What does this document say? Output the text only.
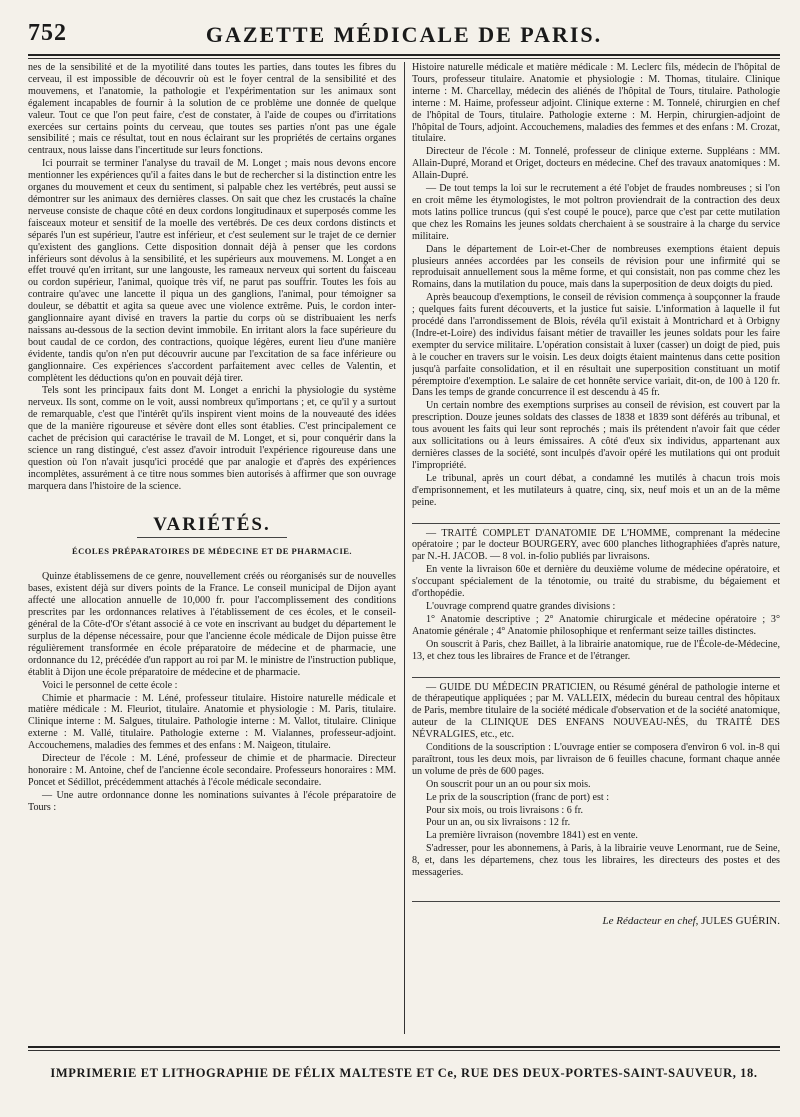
752	GAZETTE MÉDICALE DE PARIS.

nes de la sensibilité et de la myotilité dans toutes les parties, dans toutes les fibres du cerveau, il est impossible de découvrir où est le foyer central de la sensibilité et des mouvemens, et l'anatomie, la pathologie et l'expérimentation sur les animaux sont également incapables de fournir à la solution de ce problème une donnée de quelque valeur. Tout ce que l'on peut faire, c'est de constater, à l'aide de coupes ou d'irritations exercées sur certains points du cerveau, que toutes ses parties n'ont pas une égale sensibilité ; mais ce résultat, tout en nous éclairant sur les propriétés de certains organes centraux, nous laisse dans l'incertitude sur leurs fonctions.

Ici pourrait se terminer l'analyse du travail de M. Longet ; mais nous devons encore mentionner les expériences qu'il a faites dans le but de rechercher si la distinction entre les organes du mouvement et ceux du sentiment, si palpable chez les vertébrés, peut aussi se démontrer sur les animaux des dernières classes. On sait que chez les crustacés la chaîne nerveuse consiste de chaque côté en deux cordons longitudinaux et superposés comme les faisceaux moteur et sensitif de la moelle des vertébrés. De ces deux cordons distincts et séparés l'un est supérieur, l'autre est inférieur, et c'est seulement sur le trajet de ce dernier qu'existent des ganglions. Cette disposition donnait déjà à penser que les cordons inférieurs sont dévolus à la sensibilité, et les supérieurs aux mouvemens. M. Longet a en effet trouvé qu'en irritant, sur une langouste, les rameaux nerveux qui sortent du faisceau ou cordon supérieur, l'animal, quoique très vif, ne parut pas souffrir. Toutes les fois au contraire qu'avec une lancette il piqua un des ganglions, l'animal, pour témoigner sa douleur, se débattit et agita sa queue avec une violence extrême. Puis, le cordon inter-ganglionnaire ayant divisé en travers la partie du corps où se distribuaient les nerfs naissans au-dessous de la section devint immobile. En irritant alors la face supérieure du bout caudal de ce cordon, des contractions, quoique légères, eurent lieu d'une manière évidente, tandis qu'on n'en put découvrir aucune par l'excitation de sa face inférieure ou ganglionnaire. Ces expériences s'accordent parfaitement avec celles de Valentin, et complètent les déductions qu'on en pouvait déjà tirer.

Tels sont les principaux faits dont M. Longet a enrichi la physiologie du système nerveux. Ils sont, comme on le voit, aussi nombreux qu'importans ; et, ce qu'il y a surtout de remarquable, c'est que l'intérêt qu'ils inspirent vient moins de la nouveauté des idées que de la manière rigoureuse et sévère dont elles sont établies. C'est principalement ce cachet de précision qui caractérise le travail de M. Longet, et si, pour conquérir dans la science un rang distingué, c'est assez d'avoir introduit l'expérience rigoureuse dans une question où l'on n'avait jusqu'ici procédé que par analogie et d'après des expériences incomplètes, assurément à ce titre nous sommes bien autorisés à affirmer que son ouvrage marquera dans l'histoire de la science.

VARIÉTÉS.
ÉCOLES PRÉPARATOIRES DE MÉDECINE ET DE PHARMACIE.

Quinze établissemens de ce genre, nouvellement créés ou réorganisés sur de nouvelles bases, existent déjà sur divers points de la France. Le conseil municipal de Dijon ayant affecté une allocation annuelle de 10,000 fr. pour l'accomplissement des conditions prescrites par les ordonnances relatives à l'établissement de ces écoles, et le conseil-général de la Côte-d'Or s'étant associé à ce vote en inscrivant au budget du département le surplus de la dépense nécessaire, pour que l'ancienne école médicale de Dijon puisse être régulièrement transformée en école préparatoire de médecine et de pharmacie, une ordonnance du 12, précédée d'un rapport au roi par M. le ministre de l'instruction publique, établit à Dijon une école préparatoire de médecine et de pharmacie.

Voici le personnel de cette école :

Chimie et pharmacie : M. Léné, professeur titulaire. Histoire naturelle médicale et matière médicale : M. Fleuriot, titulaire. Anatomie et physiologie : M. Paris, titulaire. Clinique interne : M. Salgues, titulaire. Pathologie interne : M. Vallot, titulaire. Clinique externe : M. Vallé, titulaire. Pathologie externe : M. Vialannes, professeur-adjoint. Accouchemens, maladies des femmes et des enfans : M. Naigeon, titulaire.

Directeur de l'école : M. Léné, professeur de chimie et de pharmacie. Directeur honoraire : M. Antoine, chef de l'ancienne école secondaire. Professeurs honoraires : MM. Poncet et Sédillot, précédemment attachés à l'école médicale secondaire.

— Une autre ordonnance donne les nominations suivantes à l'école préparatoire de Tours :

Histoire naturelle médicale et matière médicale : M. Leclerc fils, médecin de l'hôpital de Tours, professeur titulaire. Anatomie et physiologie : M. Thomas, titulaire. Clinique interne : M. Charcellay, médecin des aliénés de l'hôpital de Tours, titulaire. Pathologie interne : M. Haime, professeur adjoint. Clinique externe : M. Tonnelé, chirurgien en chef de l'hôpital de Tours, titulaire. Pathologie externe : M. Herpin, chirurgien-adjoint de l'hôpital de Tours, adjoint. Accouchemens, maladies des femmes et des enfans : M. Crozat, titulaire.

Directeur de l'école : M. Tonnelé, professeur de clinique externe. Suppléans : MM. Allain-Dupré, Morand et Origet, docteurs en médecine. Chef des travaux anatomiques : M. Allain-Dupré.

— De tout temps la loi sur le recrutement a été l'objet de fraudes nombreuses ; si l'on en croit même les étymologistes, le mot poltron proviendrait de la contraction des deux mots latins pollice truncus (qui s'est coupé le pouce), parce que c'est par cette mutilation que chez les Romains les jeunes soldats cherchaient à se soustraire à la charge du service militaire.

Dans le département de Loir-et-Cher de nombreuses exemptions étaient depuis plusieurs années accordées par les conseils de révision pour une infirmité qui se reproduisait annuellement sous la même forme, et qui consistait, non pas comme chez les Romains, dans la mutilation du pouce, mais dans la superposition de deux doigts du pied.

Après beaucoup d'exemptions, le conseil de révision commença à soupçonner la fraude ; quelques faits furent découverts, et la justice fut saisie. L'information à laquelle il fut procédé dans l'arrondissement de Blois, révéla qu'il existait à Montrichard et à Orbigny (Indre-et-Loire) des individus faisant métier de travailler les jeunes soldats pour les faire exempter du service militaire. L'opération consistait à luxer (casser) un doigt de pied, puis à le coucher en travers sur le voisin. Les deux doigts étaient maintenus dans cette position jusqu'à parfaite consolidation, et il en résultait une superposition constituant un motif péremptoire d'exemption. Le salaire de cet honnête service variait, dit-on, de 100 à 120 fr. Dans les temps de grande concurrence il est descendu à 45 fr.

Un certain nombre des exemptions surprises au conseil de révision, est couvert par la prescription. Douze jeunes soldats des classes de 1838 et 1839 sont déférés au tribunal, et tous avouent les faits qui leur sont reprochés ; mais ils prétendent n'avoir fait que céder aux sollicitations ou à leurs émissaires. A côté d'eux six individus, appartenant aux dernières classes de la société, sont inculpés d'avoir opéré les mutilations qui ont produit l'impropriété.

Le tribunal, après un court débat, a condamné les mutilés à chacun trois mois d'emprisonnement, et les mutilateurs à quatre, cinq, six, neuf mois et un an de la même peine.

— TRAITÉ COMPLET D'ANATOMIE DE L'HOMME, comprenant la médecine opératoire ; par le docteur BOURGERY, avec 600 planches lithographiées d'après nature, par N.-H. JACOB. — 8 vol. in-folio publiés par livraisons.

En vente la livraison 60e et dernière du deuxième volume de médecine opératoire, et s'occupant spécialement de la ténotomie, ou traité du strabisme, du bégaiement et d'orthopédie.

L'ouvrage comprend quatre grandes divisions :

1° Anatomie descriptive ; 2° Anatomie chirurgicale et médecine opératoire ; 3° Anatomie générale ; 4° Anatomie philosophique et renfermant seize tailles distinctes.

On souscrit à Paris, chez Baillet, à la librairie anatomique, rue de l'École-de-Médecine, 13, et chez tous les libraires de France et de l'étranger.

— GUIDE DU MÉDECIN PRATICIEN, ou Résumé général de pathologie interne et de thérapeutique appliquées ; par M. VALLEIX, médecin du bureau central des hôpitaux de Paris, membre titulaire de la société médicale d'observation et de la société anatomique, auteur de la CLINIQUE DES ENFANS NOUVEAU-NÉS, du TRAITÉ DES NÉVRALGIES, etc., etc.

Conditions de la souscription : L'ouvrage entier se composera d'environ 6 vol. in-8 qui paraîtront, tous les deux mois, par livraison de 6 feuilles chacune, formant chaque année un volume de près de 600 pages.

On souscrit pour un an ou pour six mois.

Le prix de la souscription (franc de port) est :

Pour six mois, ou trois livraisons : 6 fr.

Pour un an, ou six livraisons : 12 fr.

La première livraison (novembre 1841) est en vente.

S'adresser, pour les abonnemens, à Paris, à la librairie veuve Lenormant, rue de Seine, 8, et, dans les départemens, chez tous les libraires, les directeurs des postes et des messageries.

Le Rédacteur en chef, JULES GUÉRIN.
IMPRIMERIE ET LITHOGRAPHIE DE FÉLIX MALTESTE ET Ce, RUE DES DEUX-PORTES-SAINT-SAUVEUR, 18.
